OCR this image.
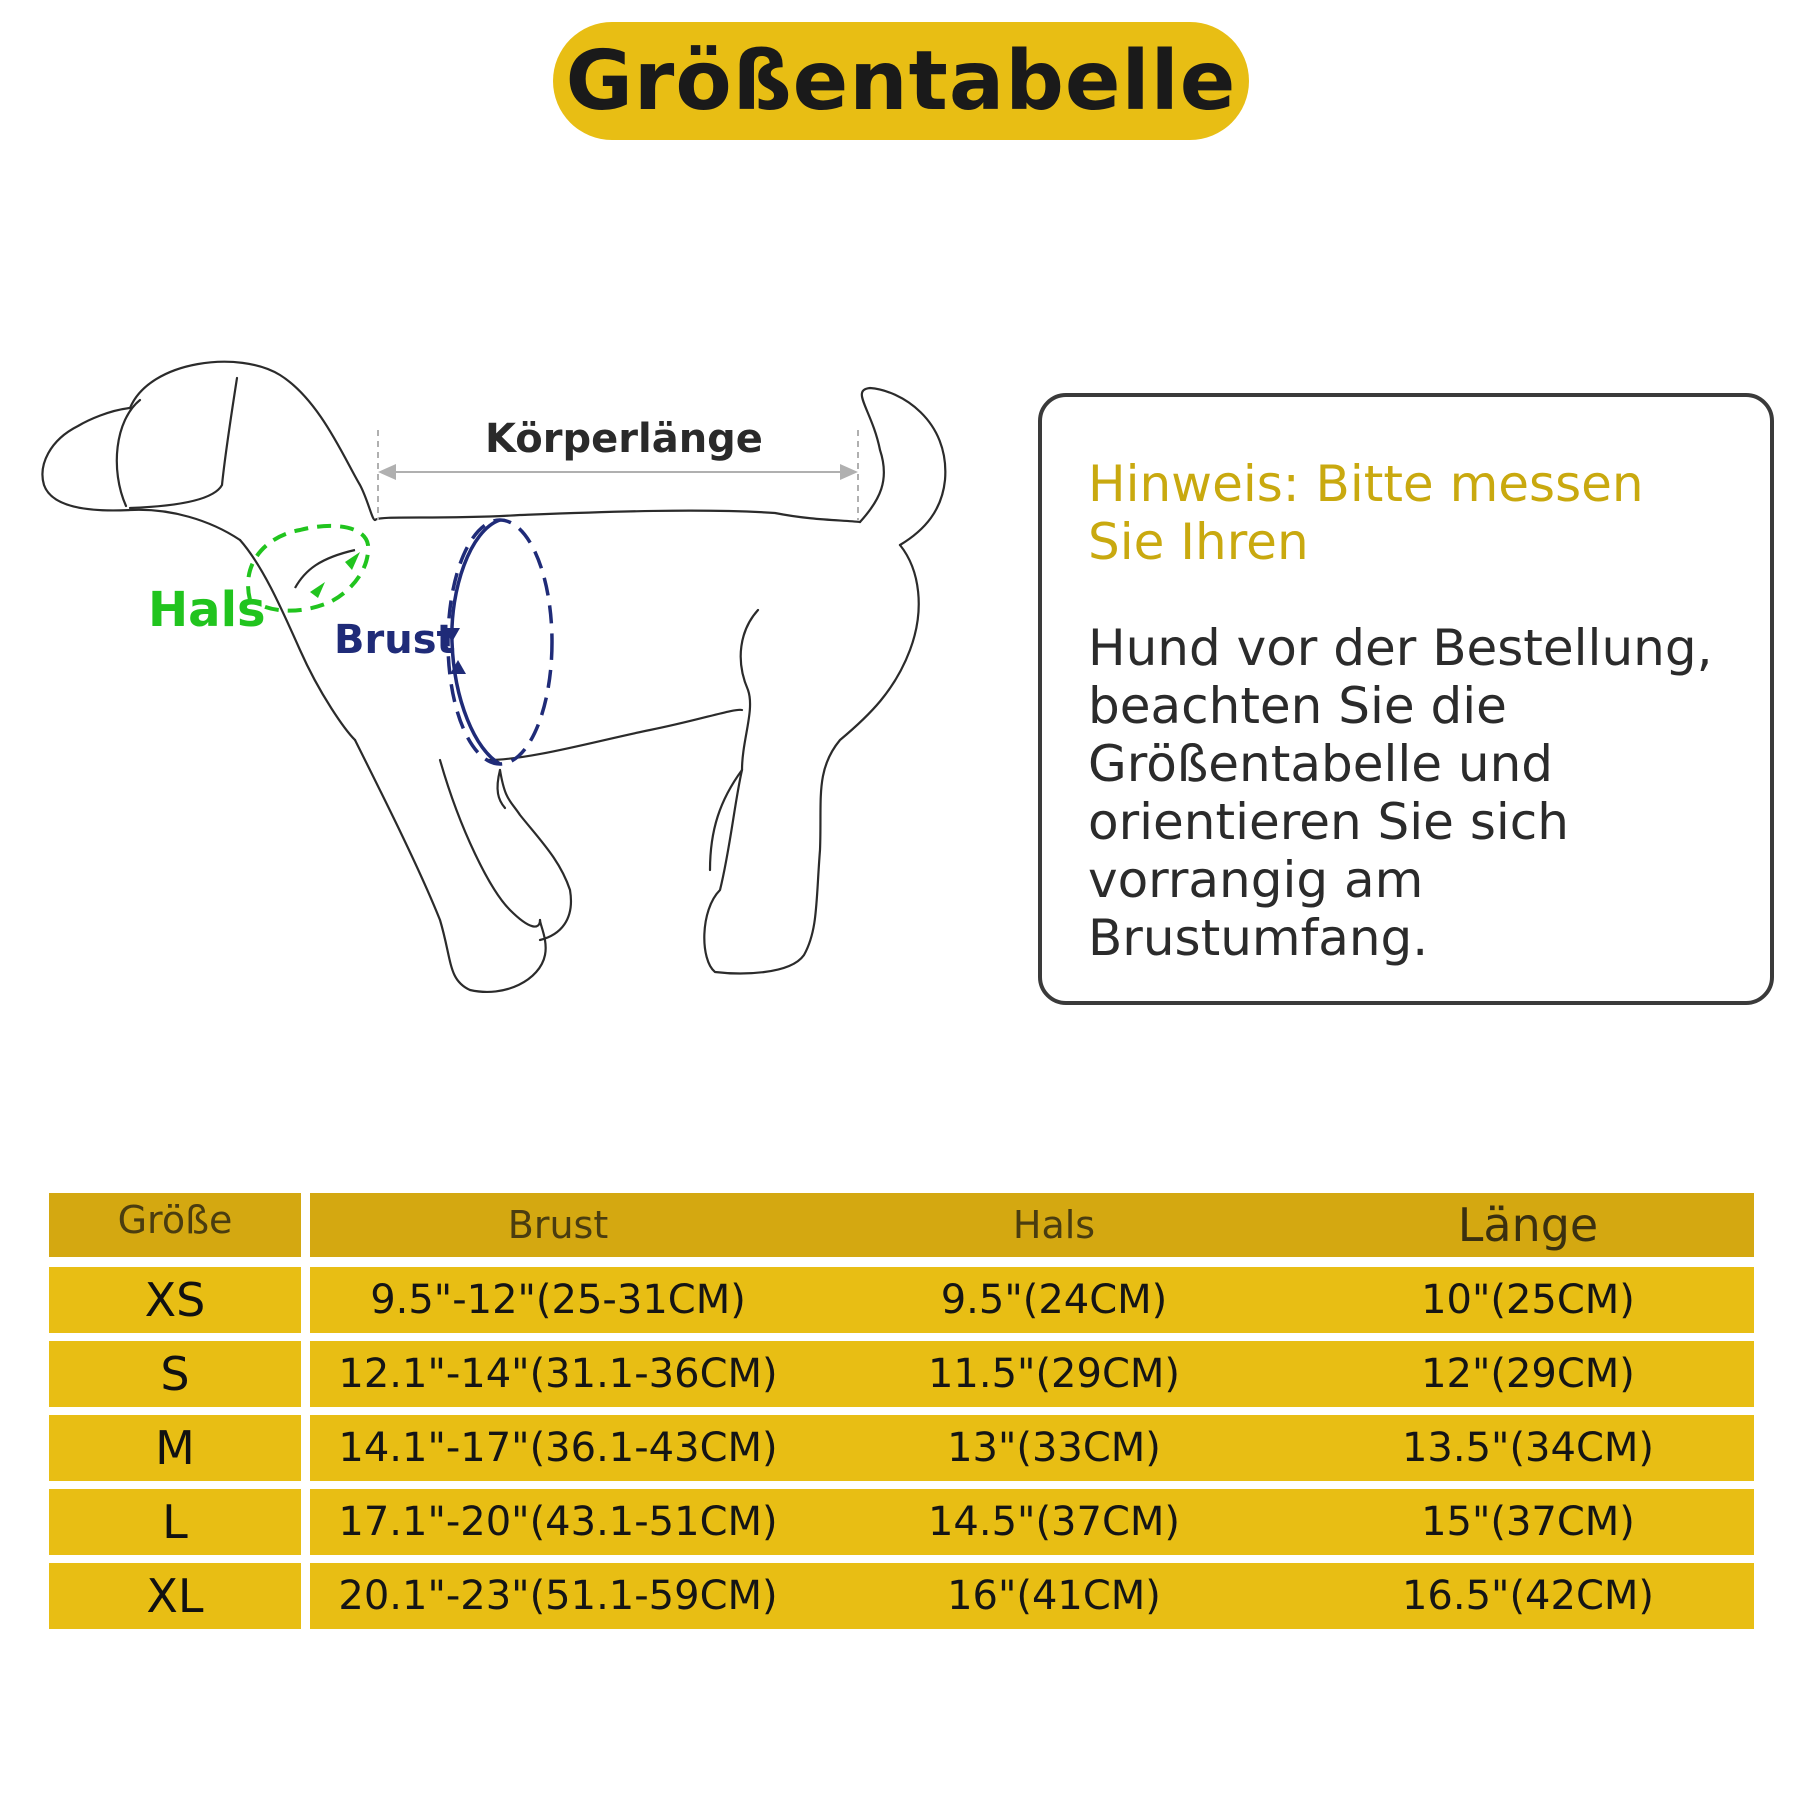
Größentabelle
Körperlänge
Hals
Brust

Hinweis: Bitte messen Sie Ihren

Hund vor der Bestellung, beachten Sie die Größentabelle und orientieren Sie sich vorrangig am Brustumfang.

Größe	Brust	Hals	Länge
XS	9.5"-12"(25-31CM)	9.5"(24CM)	10"(25CM)
S	12.1"-14"(31.1-36CM)	11.5"(29CM)	12"(29CM)
M	14.1"-17"(36.1-43CM)	13"(33CM)	13.5"(34CM)
L	17.1"-20"(43.1-51CM)	14.5"(37CM)	15"(37CM)
XL	20.1"-23"(51.1-59CM)	16"(41CM)	16.5"(42CM)
